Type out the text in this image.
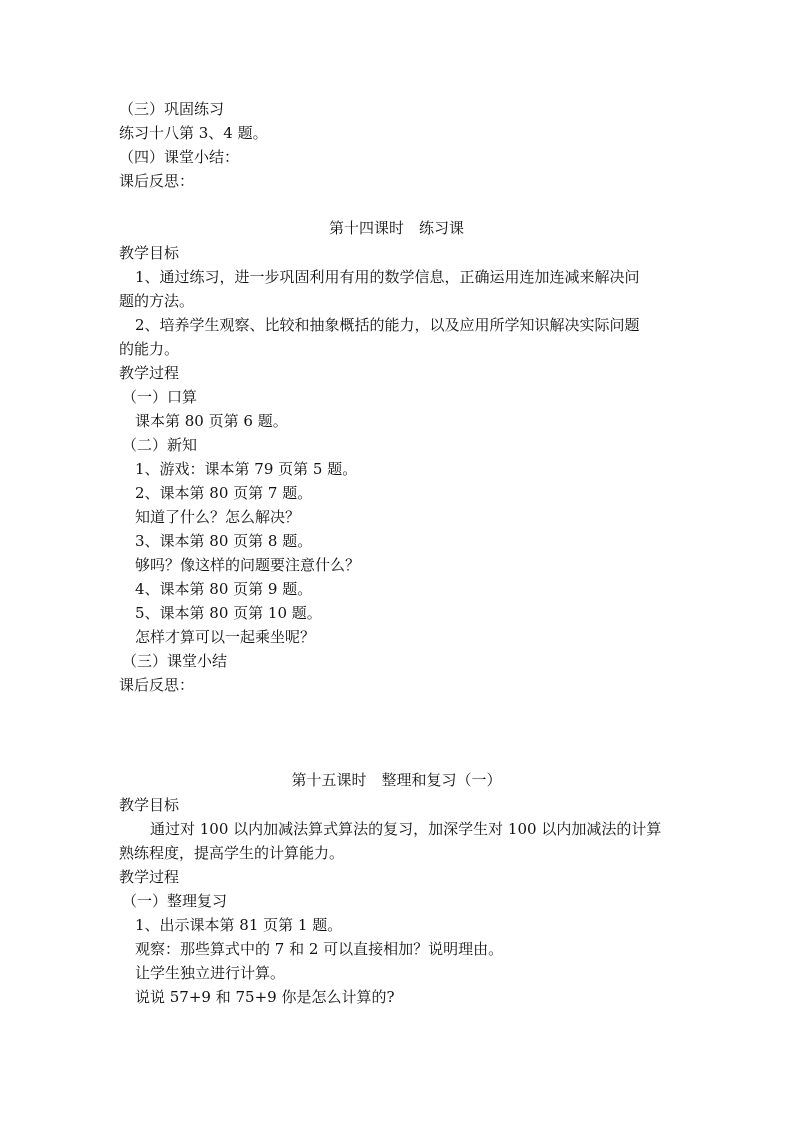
（三）巩固练习
练习十八第 3、4 题。
（四）课堂小结：
课后反思：
第十四课时　练习课
教学目标
1、通过练习，进一步巩固利用有用的数学信息，正确运用连加连减来解决问
题的方法。
2、培养学生观察、比较和抽象概括的能力，以及应用所学知识解决实际问题
的能力。
教学过程
（一）口算
课本第 80 页第 6 题。
（二）新知
1、游戏：课本第 79 页第 5 题。
2、课本第 80 页第 7 题。
知道了什么？怎么解决？
3、课本第 80 页第 8 题。
够吗？像这样的问题要注意什么？
4、课本第 80 页第 9 题。
5、课本第 80 页第 10 题。
怎样才算可以一起乘坐呢？
（三）课堂小结
课后反思：
第十五课时　整理和复习（一）
教学目标
通过对 100 以内加减法算式算法的复习，加深学生对 100 以内加减法的计算
熟练程度，提高学生的计算能力。
教学过程
（一）整理复习
1、出示课本第 81 页第 1 题。
观察：那些算式中的 7 和 2 可以直接相加？说明理由。
让学生独立进行计算。
说说 57+9 和 75+9 你是怎么计算的?
